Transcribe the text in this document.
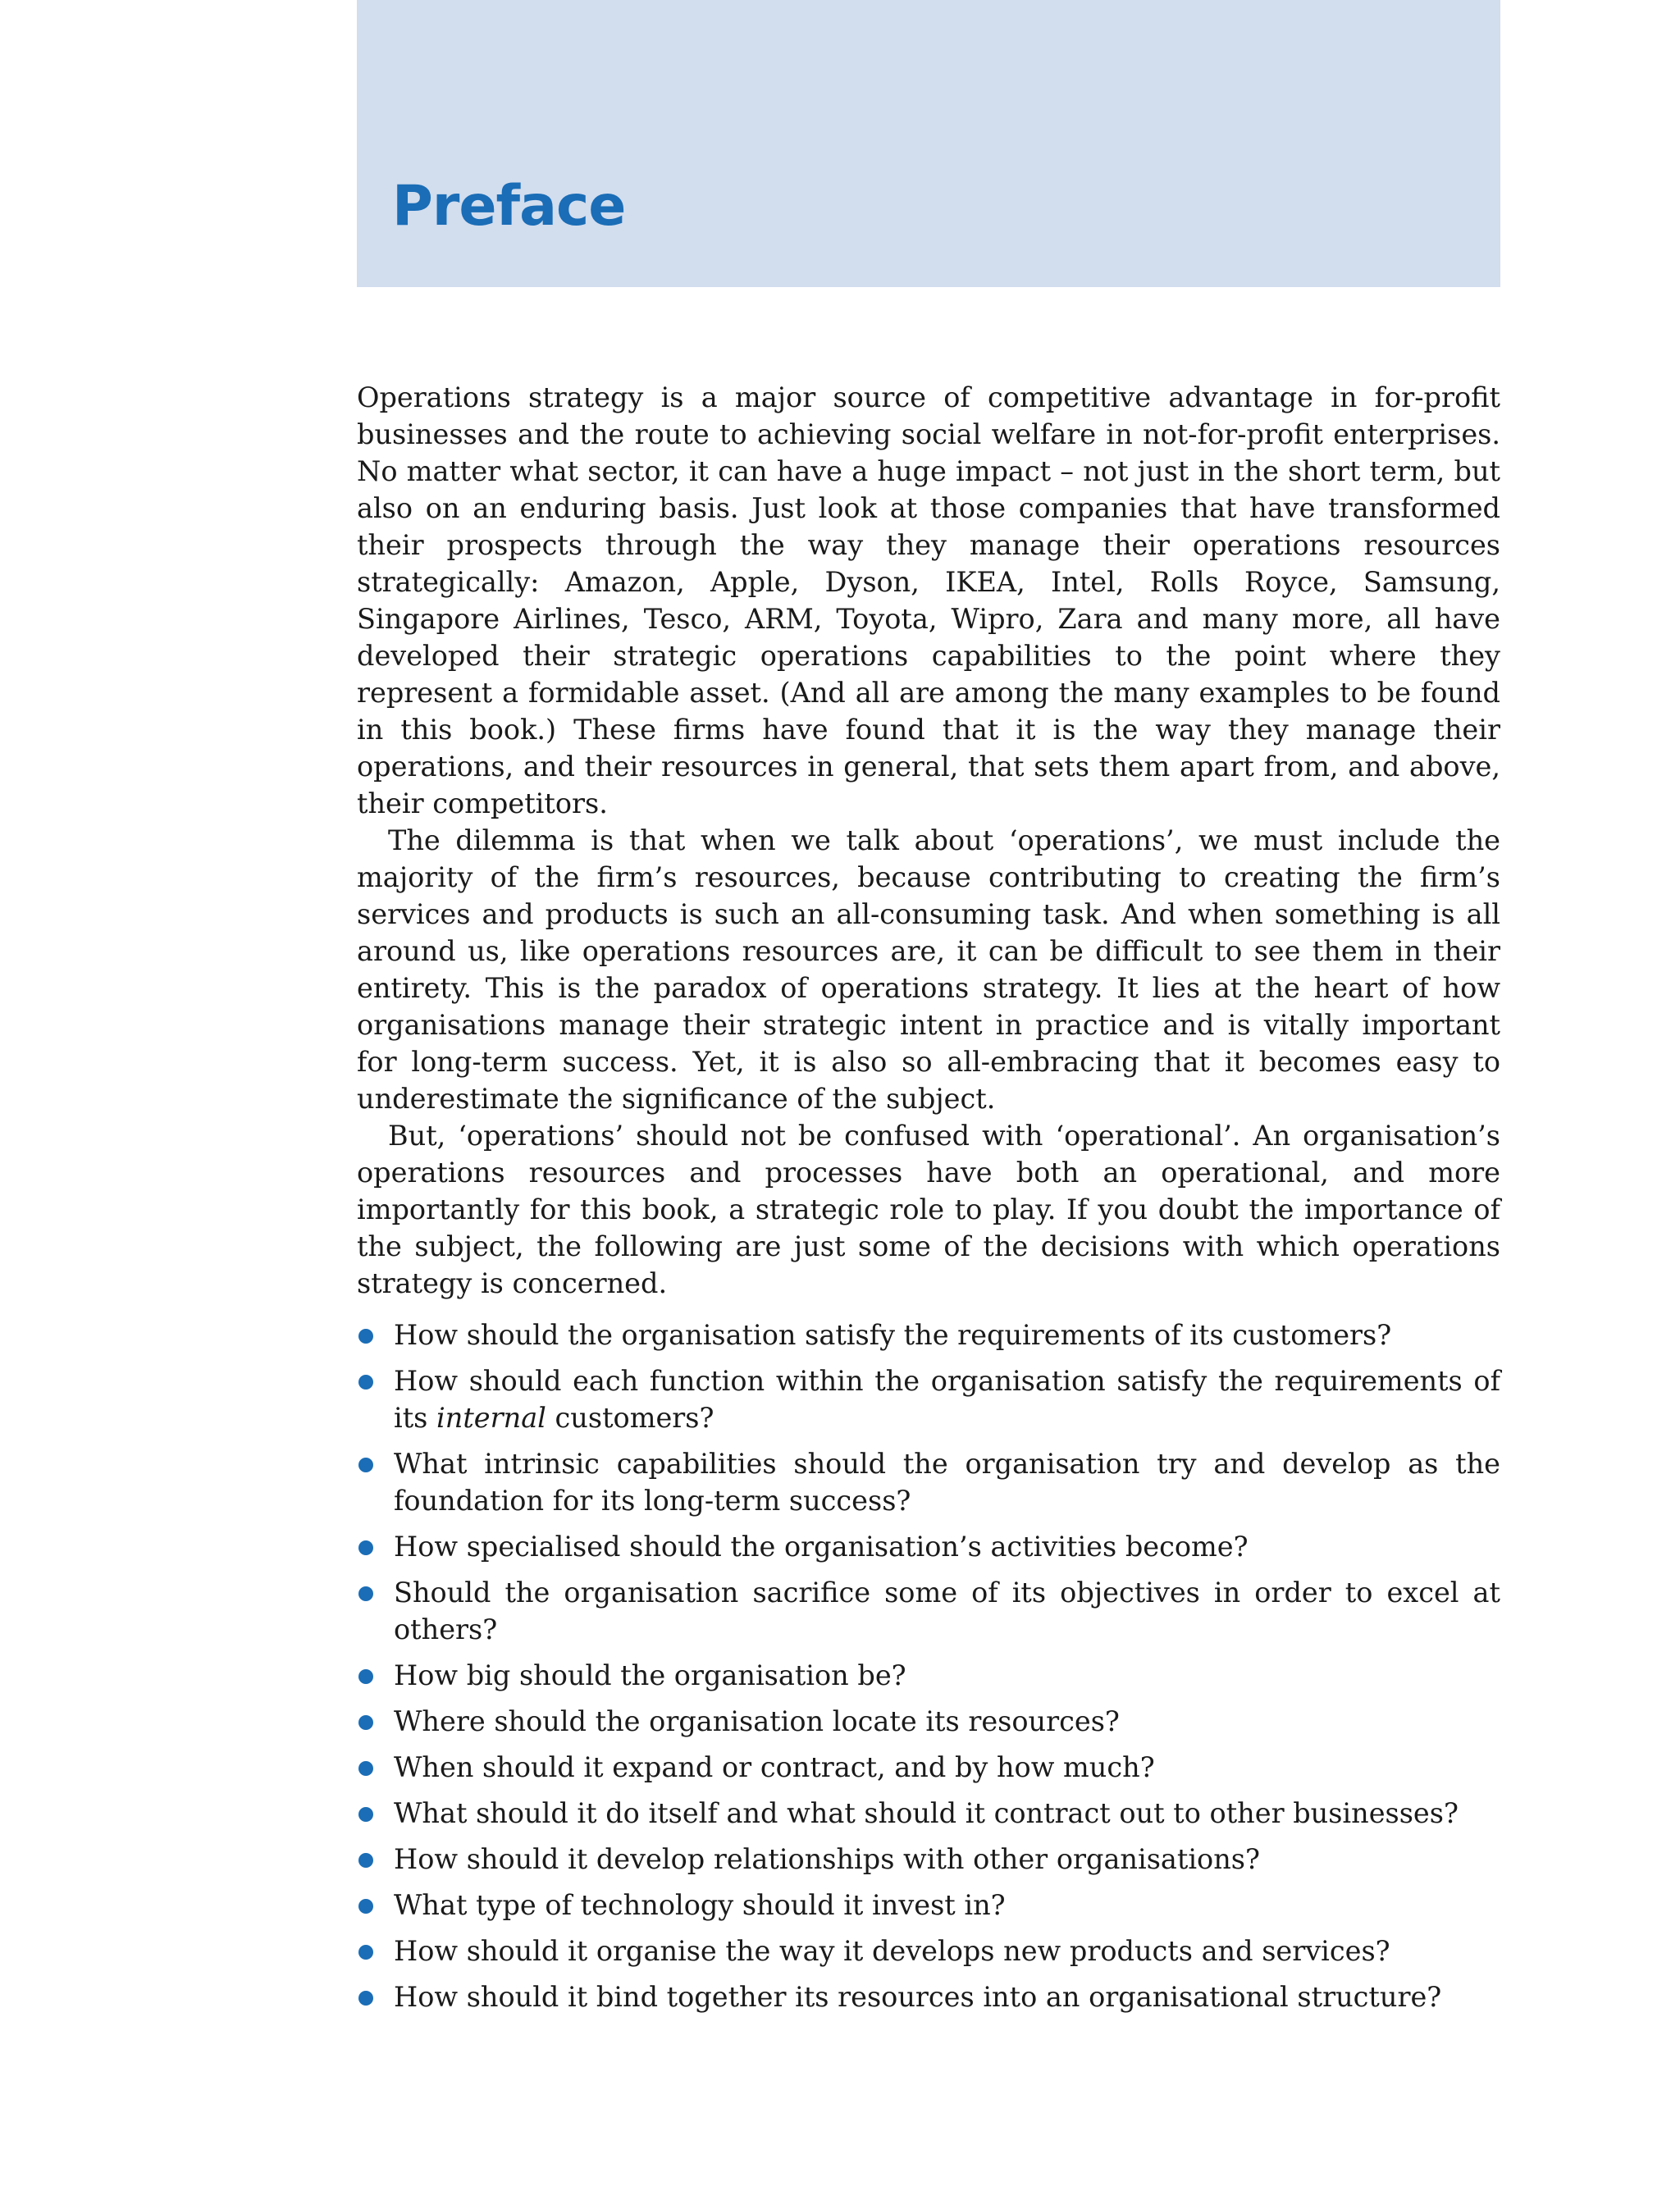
Preface

Operations strategy is a major source of competitive advantage in for-profit businesses and the route to achieving social welfare in not-for-profit enterprises. No matter what sector, it can have a huge impact – not just in the short term, but also on an enduring basis. Just look at those companies that have transformed their prospects through the way they manage their operations resources strategically: Amazon, Apple, Dyson, IKEA, Intel, Rolls Royce, Samsung, Singapore Airlines, Tesco, ARM, Toyota, Wipro, Zara and many more, all have developed their strategic operations capabilities to the point where they represent a formidable asset. (And all are among the many examples to be found in this book.) These firms have found that it is the way they manage their operations, and their resources in general, that sets them apart from, and above, their competitors.

The dilemma is that when we talk about ‘operations’, we must include the majority of the firm’s resources, because contributing to creating the firm’s services and products is such an all-consuming task. And when something is all around us, like operations resources are, it can be difficult to see them in their entirety. This is the paradox of operations strategy. It lies at the heart of how organisations manage their strategic intent in practice and is vitally important for long-term success. Yet, it is also so all-embracing that it becomes easy to underestimate the significance of the subject.

But, ‘operations’ should not be confused with ‘operational’. An organisation’s operations resources and processes have both an operational, and more importantly for this book, a strategic role to play. If you doubt the importance of the subject, the following are just some of the decisions with which operations strategy is concerned.

How should the organisation satisfy the requirements of its customers?
How should each function within the organisation satisfy the requirements of its internal customers?
What intrinsic capabilities should the organisation try and develop as the foundation for its long-term success?
How specialised should the organisation’s activities become?
Should the organisation sacrifice some of its objectives in order to excel at others?
How big should the organisation be?
Where should the organisation locate its resources?
When should it expand or contract, and by how much?
What should it do itself and what should it contract out to other businesses?
How should it develop relationships with other organisations?
What type of technology should it invest in?
How should it organise the way it develops new products and services?
How should it bind together its resources into an organisational structure?
